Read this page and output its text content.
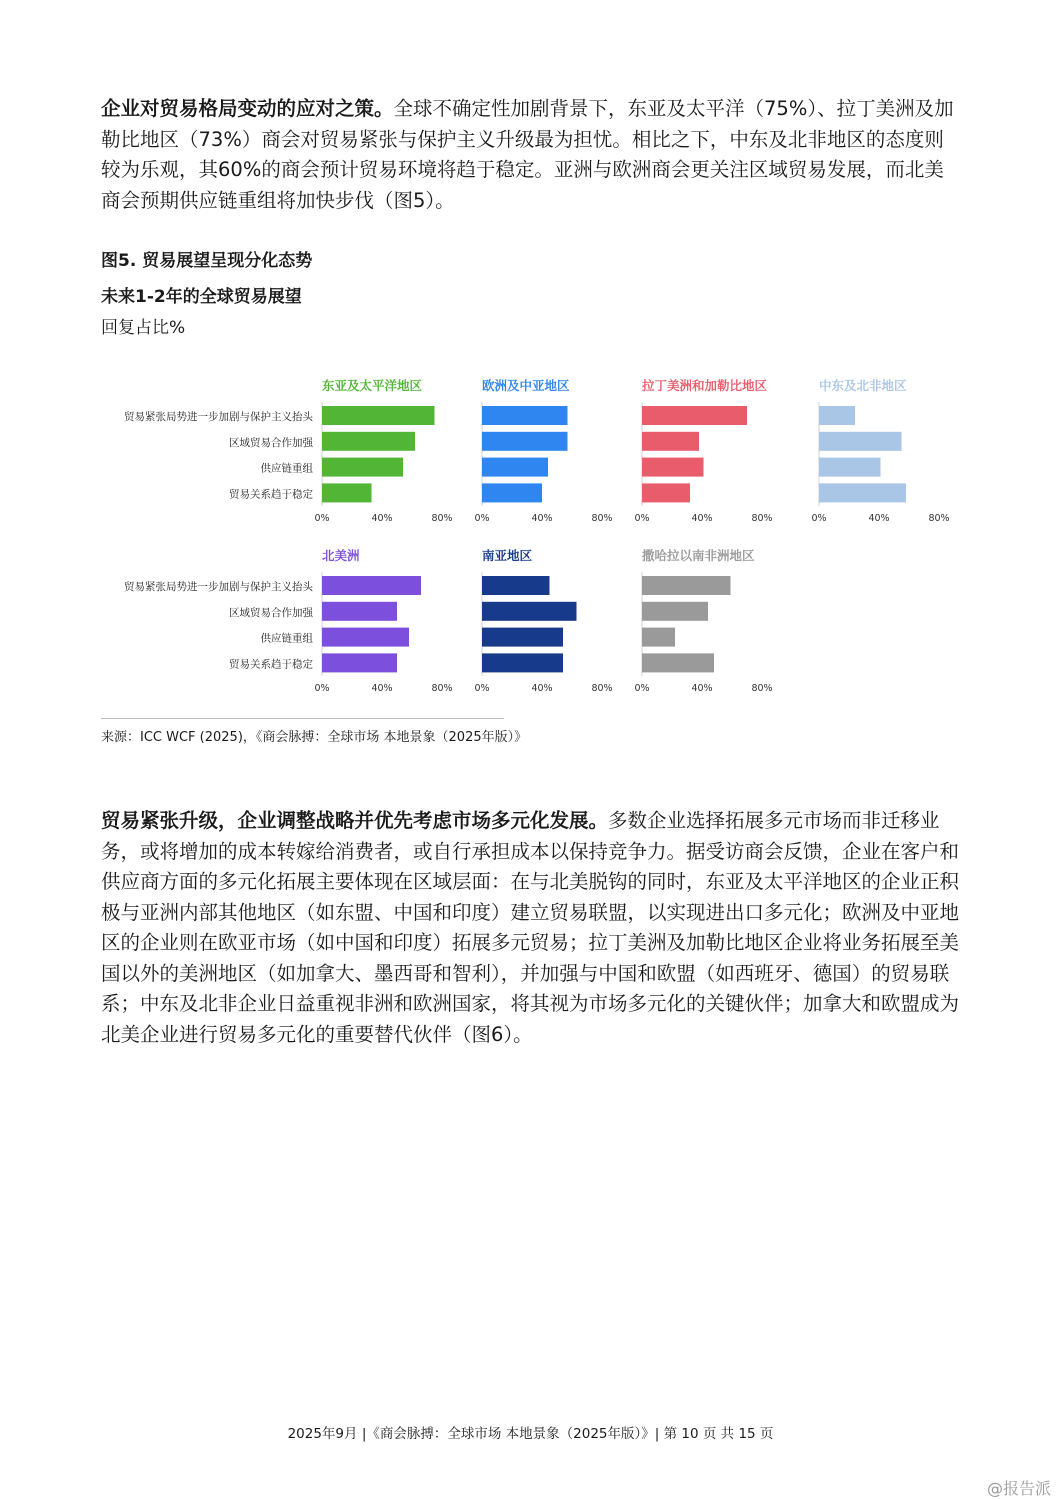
企业对贸易格局变动的应对之策。全球不确定性加剧背景下，东亚及太平洋（75%）、拉丁美洲及加勒比地区（73%）商会对贸易紧张与保护主义升级最为担忧。相比之下，中东及北非地区的态度则较为乐观，其60%的商会预计贸易环境将趋于稳定。亚洲与欧洲商会更关注区域贸易发展，而北美商会预期供应链重组将加快步伐（图5）。

图5. 贸易展望呈现分化态势

未来1-2年的全球贸易展望

回复占比%

东亚及太平洋地区
0%	40%	80%
欧洲及中亚地区
0%	40%	80%
拉丁美洲和加勒比地区
0%	40%	80%
中东及北非地区
0%	40%	80%
北美洲
0%	40%	80%
南亚地区
0%	40%	80%
撒哈拉以南非洲地区
0%	40%	80%
贸易紧张局势进一步加剧与保护主义抬头
区域贸易合作加强
供应链重组
贸易关系趋于稳定
贸易紧张局势进一步加剧与保护主义抬头
区域贸易合作加强
供应链重组
贸易关系趋于稳定

来源：ICC WCF (2025)，《商会脉搏：全球市场 本地景象（2025年版）》

贸易紧张升级，企业调整战略并优先考虑市场多元化发展。多数企业选择拓展多元市场而非迁移业务，或将增加的成本转嫁给消费者，或自行承担成本以保持竞争力。据受访商会反馈，企业在客户和供应商方面的多元化拓展主要体现在区域层面：在与北美脱钩的同时，东亚及太平洋地区的企业正积极与亚洲内部其他地区（如东盟、中国和印度）建立贸易联盟，以实现进出口多元化；欧洲及中亚地区的企业则在欧亚市场（如中国和印度）拓展多元贸易；拉丁美洲及加勒比地区企业将业务拓展至美国以外的美洲地区（如加拿大、墨西哥和智利），并加强与中国和欧盟（如西班牙、德国）的贸易联系；中东及北非企业日益重视非洲和欧洲国家，将其视为市场多元化的关键伙伴；加拿大和欧盟成为北美企业进行贸易多元化的重要替代伙伴（图6）。

2025年9月 |《商会脉搏：全球市场 本地景象（2025年版）》| 第 10 页 共 15 页

@报告派
